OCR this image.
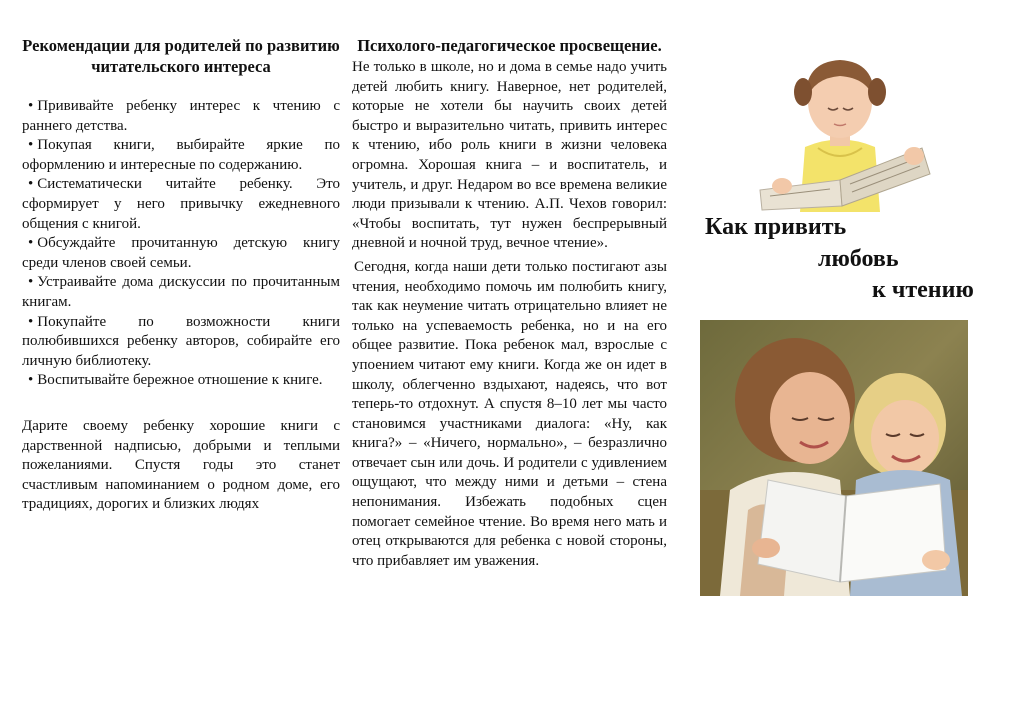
Рекомендации для родителей по развитию читательского интереса
• Прививайте ребенку интерес к чтению с раннего детства.
• Покупая книги, выбирайте яркие по оформлению и интересные по содержанию.
• Систематически читайте ребенку. Это сформирует у него привычку ежедневного общения с книгой.
• Обсуждайте прочитанную детскую книгу среди членов своей семьи.
• Устраивайте дома дискуссии по прочитанным книгам.
• Покупайте по возможности книги полюбившихся ребенку авторов, собирайте его личную библиотеку.
• Воспитывайте бережное отношение к книге.

Дарите своему ребенку хорошие книги с дарственной надписью, добрыми и теплыми пожеланиями. Спустя годы это станет счастливым напоминанием о родном доме, его традициях, дорогих и близких людях

Психолого-педагогическое просвещение.

Не только в школе, но и дома в семье надо учить детей любить книгу. Наверное, нет родителей, которые не хотели бы научить своих детей быстро и выразительно читать, привить интерес к чтению, ибо роль книги в жизни человека огромна. Хорошая книга – и воспитатель, и учитель, и друг. Недаром во все времена великие люди призывали к чтению. А.П. Чехов говорил: «Чтобы воспитать, тут нужен беспрерывный дневной и ночной труд, вечное чтение».

Сегодня, когда наши дети только постигают азы чтения, необходимо помочь им полюбить книгу, так как неумение читать отрицательно влияет не только на успеваемость ребенка, но и на его общее развитие. Пока ребенок мал, взрослые с упоением читают ему книги. Когда же он идет в школу, облегченно вздыхают, надеясь, что вот теперь-то отдохнут. А спустя 8–10 лет мы часто становимся участниками диалога: «Ну, как книга?» – «Ничего, нормально», – безразлично отвечает сын или дочь. И родители с удивлением ощущают, что между ними и детьми – стена непонимания. Избежать подобных сцен помогает семейное чтение. Во время него мать и отец открываются для ребенка с новой стороны, что прибавляет им уважения.

Как привить
любовь
к чтению
